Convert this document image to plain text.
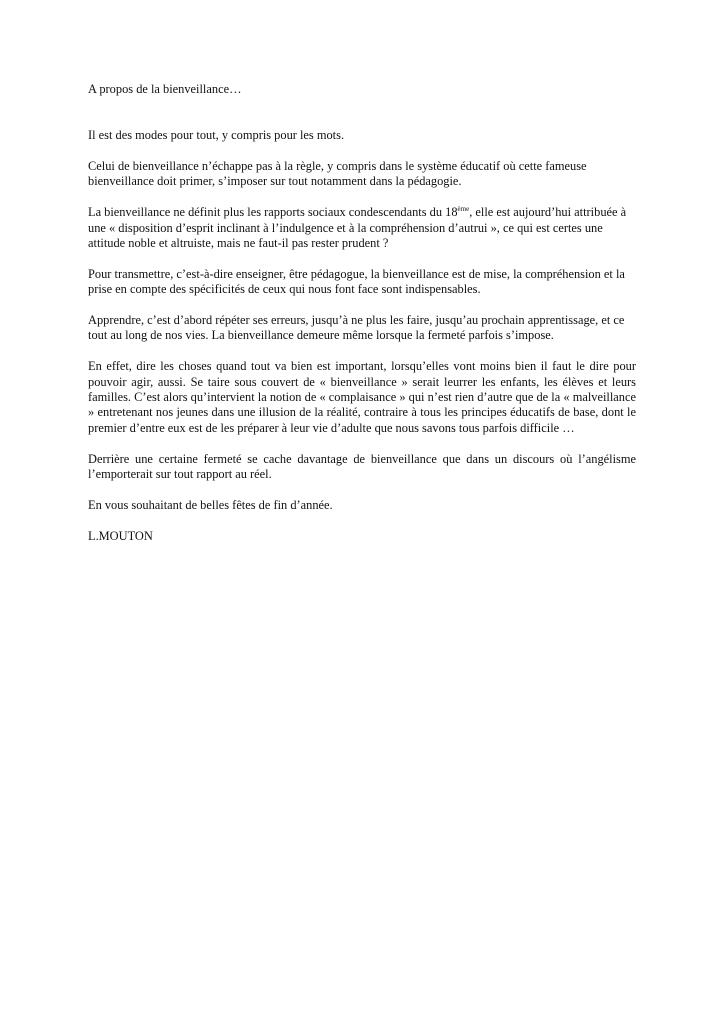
A propos de la bienveillance…

Il est des modes pour tout, y compris pour les mots.

Celui de bienveillance n’échappe pas à la règle, y compris dans le système éducatif où cette fameuse bienveillance doit primer, s’imposer sur tout notamment dans la pédagogie.

La bienveillance ne définit plus les rapports sociaux condescendants du 18ème, elle est aujourd’hui attribuée à une « disposition d’esprit inclinant à l’indulgence et à la compréhension d’autrui », ce qui est certes une attitude noble et altruiste, mais ne faut-il pas rester prudent ?

Pour transmettre, c’est-à-dire enseigner, être pédagogue, la bienveillance est de mise, la compréhension et la prise en compte des spécificités de ceux qui nous font face sont indispensables.

Apprendre, c’est d’abord répéter ses erreurs, jusqu’à ne plus les faire, jusqu’au prochain apprentissage, et ce tout au long de nos vies. La bienveillance demeure même lorsque la fermeté parfois s’impose.

En effet, dire les choses quand tout va bien est important, lorsqu’elles vont moins bien il faut le dire pour pouvoir agir, aussi. Se taire sous couvert de « bienveillance » serait leurrer les enfants, les élèves et leurs familles. C’est alors qu’intervient la notion de « complaisance » qui n’est rien d’autre que de la « malveillance » entretenant nos jeunes dans une illusion de la réalité, contraire à tous les principes éducatifs de base, dont le premier d’entre eux est de les préparer à leur vie d’adulte que nous savons tous parfois difficile …

Derrière une certaine fermeté se cache davantage de bienveillance que dans un discours où l’angélisme l’emporterait sur tout rapport au réel.

En vous souhaitant de belles fêtes de fin d’année.

L.MOUTON
